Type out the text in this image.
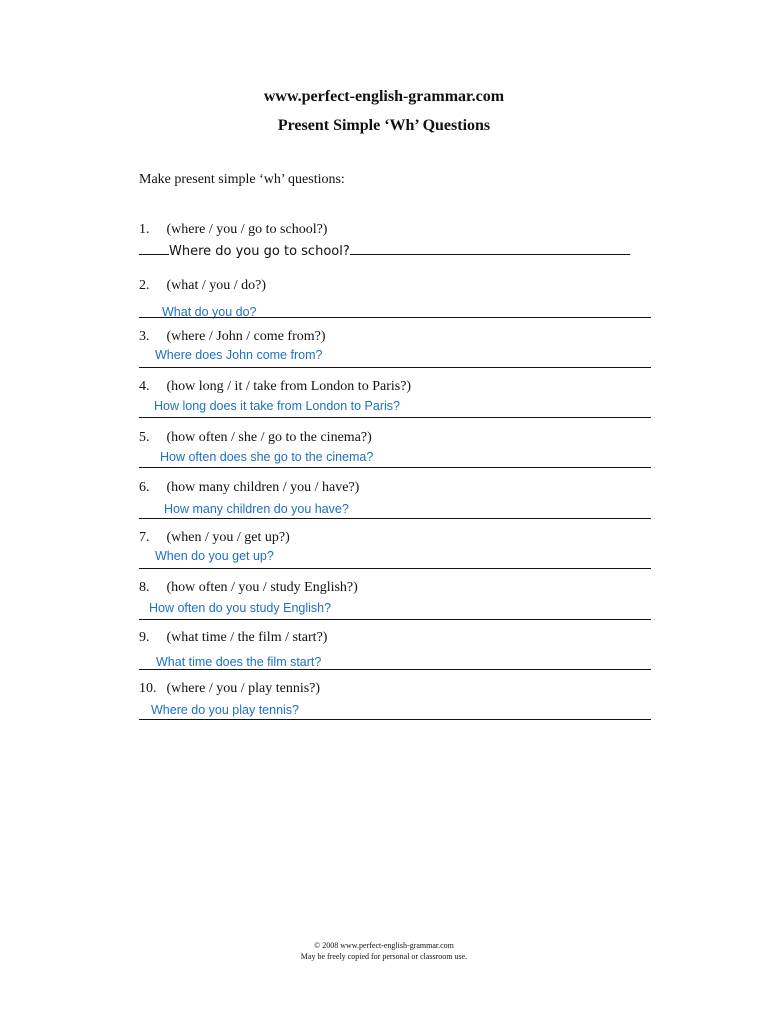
www.perfect-english-grammar.com
Present Simple ‘Wh’ Questions
Make present simple ‘wh’ questions:
1. (where / you / go to school?)
Where do you go to school?
2. (what / you / do?)
What do you do?
3. (where / John / come from?)
Where does John come from?
4. (how long / it / take from London to Paris?)
How long does it take from London to Paris?
5. (how often / she / go to the cinema?)
How often does she go to the cinema?
6. (how many children / you / have?)
How many children do you have?
7. (when / you / get up?)
When do you get up?
8. (how often / you / study English?)
How often do you study English?
9. (what time / the film / start?)
What time does the film start?
10. (where / you / play tennis?)
Where do you play tennis?
© 2008 www.perfect-english-grammar.com
May be freely copied for personal or classroom use.
